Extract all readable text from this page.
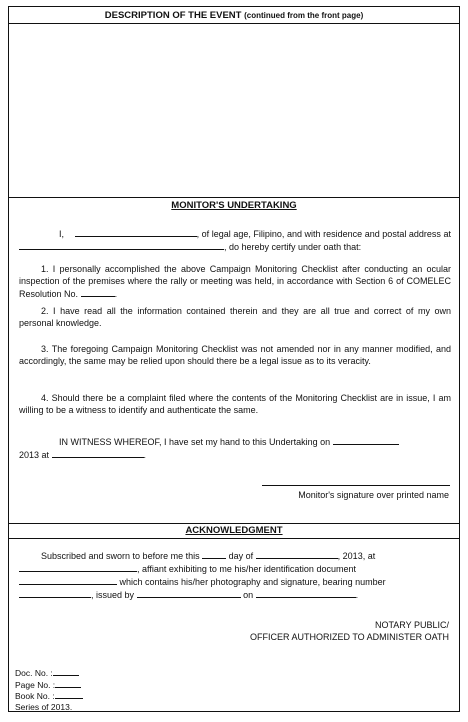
DESCRIPTION OF THE EVENT (continued from the front page)
MONITOR'S UNDERTAKING

I,	, of legal age, Filipino, and with residence and postal address at , do hereby certify under oath that:

1. I personally accomplished the above Campaign Monitoring Checklist after conducting an ocular inspection of the premises where the rally or meeting was held, in accordance with Section 6 of COMELEC Resolution No.	.

2. I have read all the information contained therein and they are all true and correct of my own personal knowledge.

3. The foregoing Campaign Monitoring Checklist was not amended nor in any manner modified, and accordingly, the same may be relied upon should there be a legal issue as to its veracity.

4. Should there be a complaint filed where the contents of the Monitoring Checklist are in issue, I am willing to be a witness to identify and authenticate the same.

IN WITNESS WHEREOF, I have set my hand to this Undertaking on
2013 at	.

Monitor's signature over printed name
ACKNOWLEDGMENT

Subscribed and sworn to before me this	day of	, 2013, at
, affiant exhibiting to me his/her identification document
which contains his/her photography and signature, bearing number
, issued by	on	.

NOTARY PUBLIC/
OFFICER AUTHORIZED TO ADMINISTER OATH
Doc. No. :
Page No. :
Book No. :
Series of 2013.
